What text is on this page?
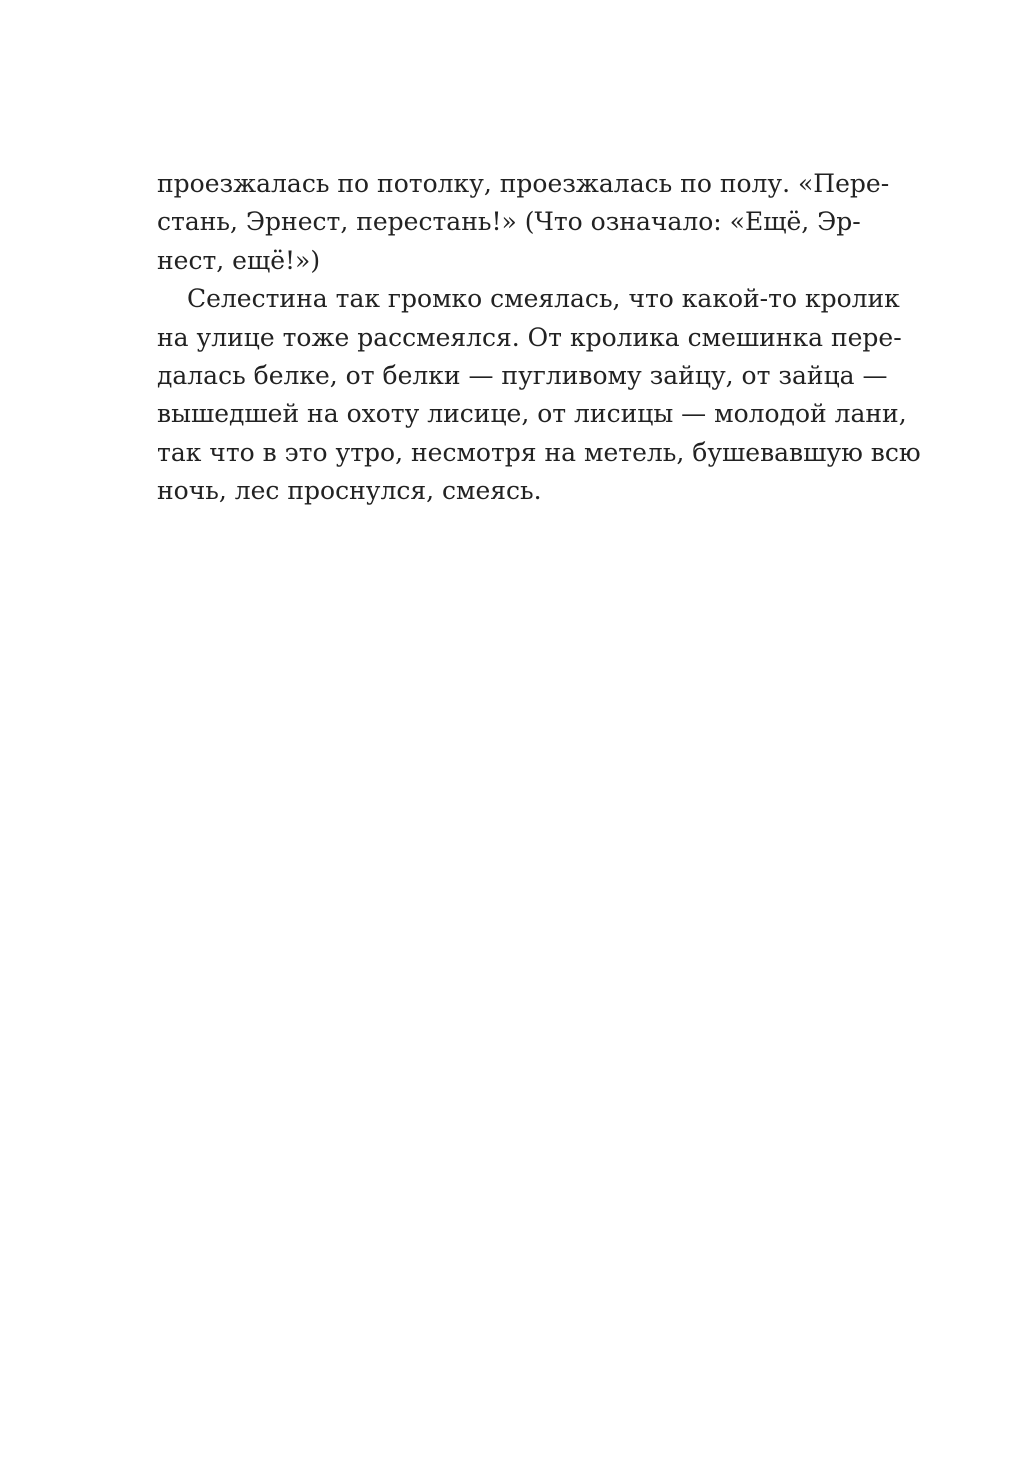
проезжалась по потолку, проезжалась по полу. «Пере-
стань, Эрнест, перестань!» (Что означало: «Ещё, Эр-
нест, ещё!»)
Селестина так громко смеялась, что какой-то кролик
на улице тоже рассмеялся. От кролика смешинка пере-
далась белке, от белки — пугливому зайцу, от зайца —
вышедшей на охоту лисице, от лисицы — молодой лани,
так что в это утро, несмотря на метель, бушевавшую всю
ночь, лес проснулся, смеясь.
